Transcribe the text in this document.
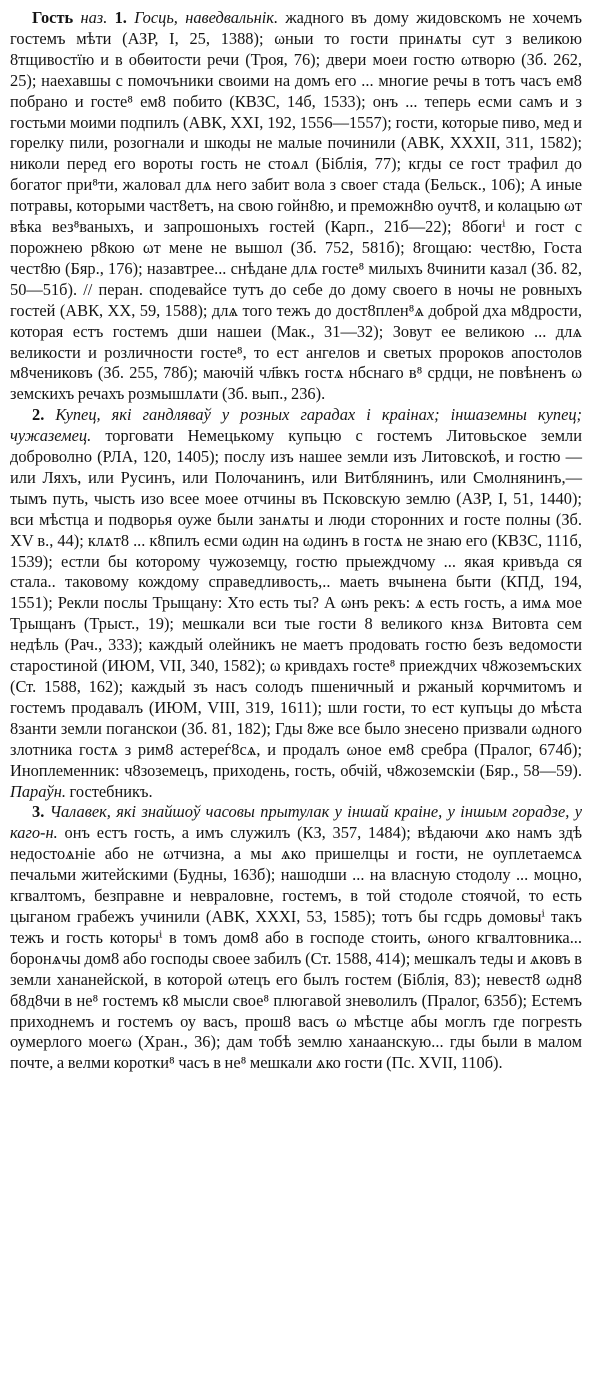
Гость наз. 1. Госць, наведвальнік. жадного въ дому жидовскомъ не хочемъ гостемъ мѣти (АЗР, I, 25, 1388); ωныи то гости принѧты сут з великою 8тщивостїю и в обѳитости речи (Троя, 76); двери моеи гостю ωтворю (Зб. 262, 25); наехавшы с помочъники своими на домъ его ... многие речы в тотъ часъ ем8 побрано и госте⁸ ем8 побито (КВЗС, 14б, 1533); онъ ... теперь есми самъ и з гостьми моими подпилъ (АВК, XXI, 192, 1556—1557); гости, которые пиво, мед и горелку пили, розогнали и шкоды не малые починили (АВК, XXXII, 311, 1582); николи перед его вороты гость не стоѧл (Біблія, 77); кгды се гост трафил до богатог при⁸ти, жаловал длѧ него забит вола з своег стада (Бельск., 106); А иные потравы, которыми част8етъ, на свою гойн8ю, и преможн8ю оучт8, и колацыю ωт вѣка вез⁸ваныхъ, и запрошоныхъ гостей (Карп., 21б—22); 8богиⁱ и гост с порожнею р8кою ωт мене не вышол (Зб. 752, 581б); 8гощаю: чест8ю, Госта чест8ю (Бяр., 176); назавтрее... снѣдане длѧ госте⁸ милыхъ 8чинити казал (Зб. 82, 50—51б). // перан. сподевайсе тутъ до себе до дому своего в ночы не ровныхъ гостей (АВК, XX, 59, 1588); длѧ того тежъ до дост8плен⁸ѧ доброй дха м8дрости, которая естъ гостемъ дши нашеи (Мак., 31—32); Зовут ее великою ... длѧ великости и розличности госте⁸, то ест ангелов и светых пророков апостолов м8чениковъ (Зб. 255, 78б); маючій чл҃вкъ гостѧ нбснаго в⁸ срдци, не повѣненъ ω земскихъ речахъ розмышлѧти (Зб. вып., 236).

2. Купец, які гандляваў у розных гарадах і краінах; іншаземны купец; чужаземец. торговати Немецькому купьцю с гостемъ Литовьское земли доброволно (РЛА, 120, 1405); послу изъ нашее земли изъ Литовскоѣ, и гостю — или Ляхъ, или Русинъ, или Полочанинъ, или Витблянинъ, или Смолнянинъ,— тымъ путь, чысть изо всее моее отчины въ Псковскую землю (АЗР, I, 51, 1440); вси мѣстца и подворья оуже были занѧты и люди сторонних и госте полны (Зб. XV в., 44); клѧт8 ... к8пилъ есми ωдин на ωдинъ в гостѧ не знаю его (КВЗС, 111б, 1539); естли бы которому чужоземцу, гостю прыеждчому ... якая кривъда ся стала.. таковому кождому справедливость,.. маеть вчынена быти (КПД, 194, 1551); Рекли послы Трыщану: Хто есть ты? А ωнъ рекъ: ѧ есть гость, а имѧ мое Трыщанъ (Трыст., 19); мешкали вси тые гости 8 великого кнзѧ Витовта сем недѣль (Рач., 333); каждый олейникъ не маетъ продовать гостю безъ ведомости старостиной (ИЮМ, VII, 340, 1582); ω кривдахъ госте⁸ приеждчих ч8жоземъских (Ст. 1588, 162); каждый зъ насъ солодъ пшеничный и ржаный корчмитомъ и гостемъ продавалъ (ИЮМ, VIII, 319, 1611); шли гости, то ест купъцы до мѣста 8занти земли поганскои (Зб. 81, 182); Гды 8же все было знесено призвали ωдного злотника гостѧ з рим8 астереѓ8сѧ, и продалъ ωное ем8 сребра (Пралог, 674б); Иноплеменник: ч8зоземецъ, приходень, гость, обчій, ч8жоземскіи (Бяр., 58—59). Параўн. гостебникъ.

3. Чалавек, які знайшоў часовы прытулак у іншай краіне, у іншым горадзе, у каго-н. онъ естъ гость, а имъ служилъ (КЗ, 357, 1484); вѣдаючи ѧко намъ здѣ недостоѧніе або не ωтчизна, а мы ѧко пришелцы и гости, не оуплетаемсѧ печальми житейскими (Будны, 163б); нашодши ... на власную стодолу ... моцно, кгвалтомъ, безправне и невраловне, гостемъ, в той стодоле стоячой, то есть цыганом грабежъ учинили (АВК, XXXI, 53, 1585); тотъ бы гсдрь домовыⁱ такъ тежъ и гость которыⁱ в томъ дом8 або в господе стоить, ωного кгвалтовника... боронѧчы дом8 або господы своее забилъ (Ст. 1588, 414); мешкалъ теды и ѧковъ в земли хананейской, в которой ωтецъ его былъ гостем (Біблія, 83); невест8 ωдн8 б8д8чи в не⁸ гостемъ к8 мысли свое⁸ плюгавой зневолилъ (Пралог, 635б); Естемъ приходнемъ и гостемъ оу васъ, прош8 васъ ω мѣстце абы моглъ где погрesть оумерлого моегω (Хран., 36); дам тобѣ землю ханаанскую... гды были в малом почте, а велми коротки⁸ часъ в не⁸ мешкали ѧко гости (Пс. XVII, 110б).
